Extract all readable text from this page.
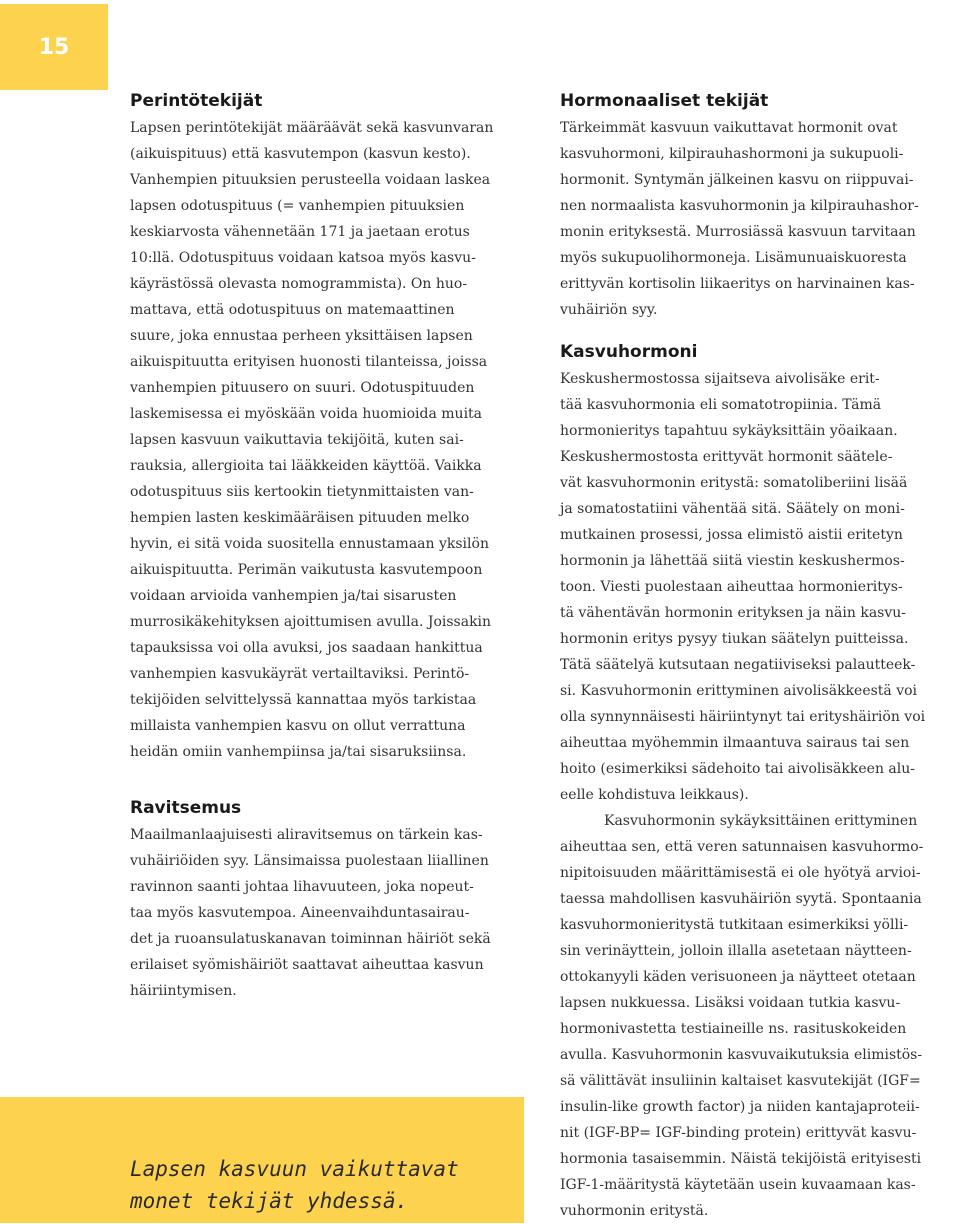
15
Perintötekijät
Lapsen perintötekijät määräävät sekä kasvunvaran
(aikuispituus) että kasvutempon (kasvun kesto).
Vanhempien pituuksien perusteella voidaan laskea
lapsen odotuspituus (= vanhempien pituuksien
keskiarvosta vähennetään 171 ja jaetaan erotus
10:llä. Odotuspituus voidaan katsoa myös kasvu-
käyrästössä olevasta nomogrammista). On huo-
mattava, että odotuspituus on matemaattinen
suure, joka ennustaa perheen yksittäisen lapsen
aikuispituutta erityisen huonosti tilanteissa, joissa
vanhempien pituusero on suuri. Odotuspituuden
laskemisessa ei myöskään voida huomioida muita
lapsen kasvuun vaikuttavia tekijöitä, kuten sai-
rauksia, allergioita tai lääkkeiden käyttöä. Vaikka
odotuspituus siis kertookin tietynmittaisten van-
hempien lasten keskimääräisen pituuden melko
hyvin, ei sitä voida suositella ennustamaan yksilön
aikuispituutta. Perimän vaikutusta kasvutempoon
voidaan arvioida vanhempien ja/tai sisarusten
murrosikäkehityksen ajoittumisen avulla. Joissakin
tapauksissa voi olla avuksi, jos saadaan hankittua
vanhempien kasvukäyrät vertailtaviksi. Perintö-
tekijöiden selvittelyssä kannattaa myös tarkistaa
millaista vanhempien kasvu on ollut verrattuna
heidän omiin vanhempiinsa ja/tai sisaruksiinsa.
Ravitsemus
Maailmanlaajuisesti aliravitsemus on tärkein kas-
vuhäiriöiden syy. Länsimaissa puolestaan liiallinen
ravinnon saanti johtaa lihavuuteen, joka nopeut-
taa myös kasvutempoa. Aineenvaihduntasairau-
det ja ruoansulatuskanavan toiminnan häiriöt sekä
erilaiset syömishäiriöt saattavat aiheuttaa kasvun
häiriintymisen.
Hormonaaliset tekijät
Tärkeimmät kasvuun vaikuttavat hormonit ovat
kasvuhormoni, kilpirauhashormoni ja sukupuoli-
hormonit. Syntymän jälkeinen kasvu on riippuvai-
nen normaalista kasvuhormonin ja kilpirauhashor-
monin erityksestä. Murrosiässä kasvuun tarvitaan
myös sukupuolihormoneja. Lisämunuaiskuoresta
erittyvän kortisolin liikaeritys on harvinainen kas-
vuhäiriön syy.
Kasvuhormoni
Keskushermostossa sijaitseva aivolisäke erit-
tää kasvuhormonia eli somatotropiinia. Tämä
hormonieritys tapahtuu sykäyksittäin yöaikaan.
Keskushermostosta erittyvät hormonit säätele-
vät kasvuhormonin eritystä: somatoliberiini lisää
ja somatostatiini vähentää sitä. Säätely on moni-
mutkainen prosessi, jossa elimistö aistii eritetyn
hormonin ja lähettää siitä viestin keskushermos-
toon. Viesti puolestaan aiheuttaa hormonieritys-
tä vähentävän hormonin erityksen ja näin kasvu-
hormonin eritys pysyy tiukan säätelyn puitteissa.
Tätä säätelyä kutsutaan negatiiviseksi palautteek-
si. Kasvuhormonin erittyminen aivolisäkkeestä voi
olla synnynnäisesti häiriintynyt tai erityshäiriön voi
aiheuttaa myöhemmin ilmaantuva sairaus tai sen
hoito (esimerkiksi sädehoito tai aivolisäkkeen alu-
eelle kohdistuva leikkaus).
Kasvuhormonin sykäyksittäinen erittyminen
aiheuttaa sen, että veren satunnaisen kasvuhormo-
nipitoisuuden määrittämisestä ei ole hyötyä arvioi-
taessa mahdollisen kasvuhäiriön syytä. Spontaania
kasvuhormonieritystä tutkitaan esimerkiksi yölli-
sin verinäyttein, jolloin illalla asetetaan näytteen-
ottokanyyli käden verisuoneen ja näytteet otetaan
lapsen nukkuessa. Lisäksi voidaan tutkia kasvu-
hormonivastetta testiaineille ns. rasituskokeiden
avulla. Kasvuhormonin kasvuvaikutuksia elimistös-
sä välittävät insuliinin kaltaiset kasvutekijät (IGF=
insulin-like growth factor) ja niiden kantajaproteii-
nit (IGF-BP= IGF-binding protein) erittyvät kasvu-
hormonia tasaisemmin. Näistä tekijöistä erityisesti
IGF-1-määritystä käytetään usein kuvaamaan kas-
vuhormonin eritystä.
Lapsen kasvuun vaikuttavat
monet tekijät yhdessä.
